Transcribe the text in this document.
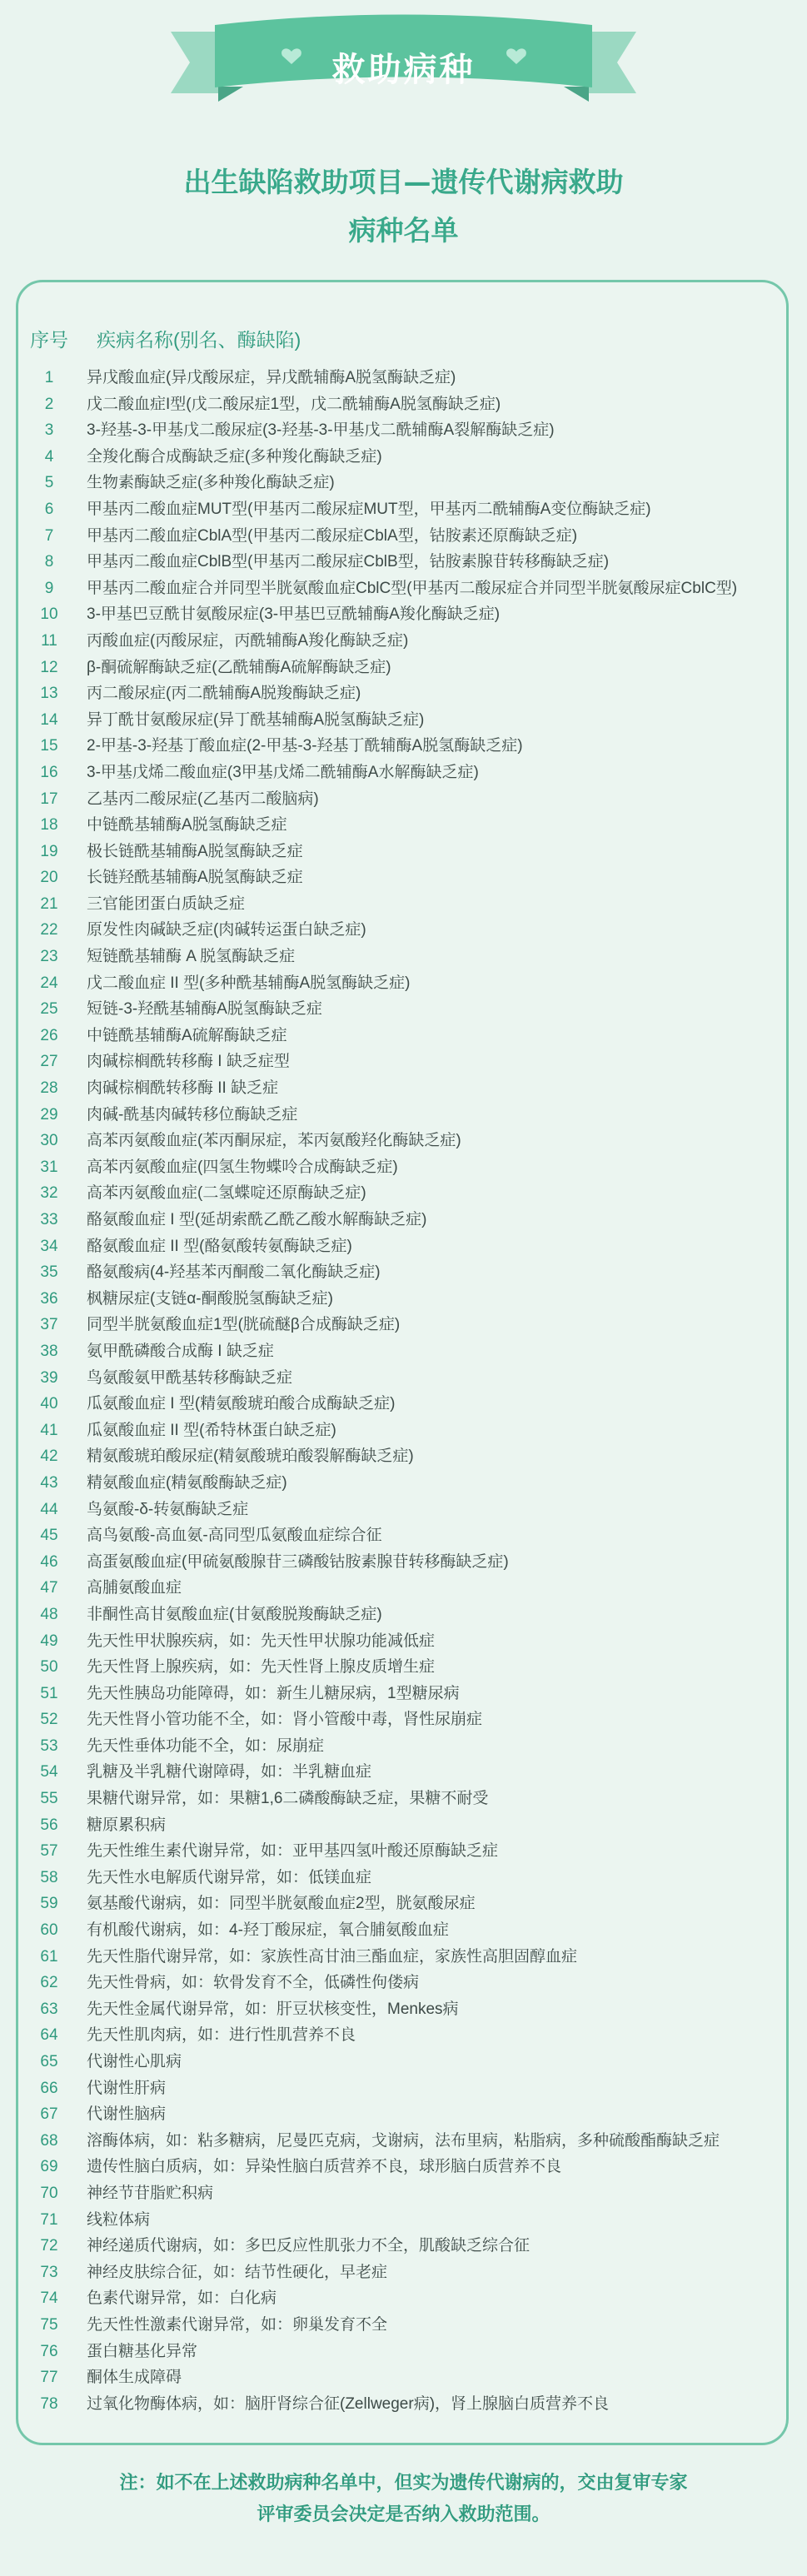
救助病种
出生缺陷救助项目—遗传代谢病救助
病种名单
序号 疾病名称(别名、酶缺陷)
1	异戊酸血症(异戊酸尿症，异戊酰辅酶A脱氢酶缺乏症)
2	戊二酸血症I型(戊二酸尿症1型，戊二酰辅酶A脱氢酶缺乏症)
3	3-羟基-3-甲基戊二酸尿症(3-羟基-3-甲基戊二酰辅酶A裂解酶缺乏症)
4	全羧化酶合成酶缺乏症(多种羧化酶缺乏症)
5	生物素酶缺乏症(多种羧化酶缺乏症)
6	甲基丙二酸血症MUT型(甲基丙二酸尿症MUT型，甲基丙二酰辅酶A变位酶缺乏症)
7	甲基丙二酸血症CblA型(甲基丙二酸尿症CblA型，钴胺素还原酶缺乏症)
8	甲基丙二酸血症CblB型(甲基丙二酸尿症CblB型，钴胺素腺苷转移酶缺乏症)
9	甲基丙二酸血症合并同型半胱氨酸血症CblC型(甲基丙二酸尿症合并同型半胱氨酸尿症CblC型)
10	3-甲基巴豆酰甘氨酸尿症(3-甲基巴豆酰辅酶A羧化酶缺乏症)
11	丙酸血症(丙酸尿症，丙酰辅酶A羧化酶缺乏症)
12	β-酮硫解酶缺乏症(乙酰辅酶A硫解酶缺乏症)
13	丙二酸尿症(丙二酰辅酶A脱羧酶缺乏症)
14	异丁酰甘氨酸尿症(异丁酰基辅酶A脱氢酶缺乏症)
15	2-甲基-3-羟基丁酸血症(2-甲基-3-羟基丁酰辅酶A脱氢酶缺乏症)
16	3-甲基戊烯二酸血症(3甲基戊烯二酰辅酶A水解酶缺乏症)
17	乙基丙二酸尿症(乙基丙二酸脑病)
18	中链酰基辅酶A脱氢酶缺乏症
19	极长链酰基辅酶A脱氢酶缺乏症
20	长链羟酰基辅酶A脱氢酶缺乏症
21	三官能团蛋白质缺乏症
22	原发性肉碱缺乏症(肉碱转运蛋白缺乏症)
23	短链酰基辅酶 A 脱氢酶缺乏症
24	戊二酸血症 II 型(多种酰基辅酶A脱氢酶缺乏症)
25	短链-3-羟酰基辅酶A脱氢酶缺乏症
26	中链酰基辅酶A硫解酶缺乏症
27	肉碱棕榈酰转移酶 I 缺乏症型
28	肉碱棕榈酰转移酶 II 缺乏症
29	肉碱-酰基肉碱转移位酶缺乏症
30	高苯丙氨酸血症(苯丙酮尿症，苯丙氨酸羟化酶缺乏症)
31	高苯丙氨酸血症(四氢生物蝶呤合成酶缺乏症)
32	高苯丙氨酸血症(二氢蝶啶还原酶缺乏症)
33	酪氨酸血症 I 型(延胡索酰乙酰乙酸水解酶缺乏症)
34	酪氨酸血症 II 型(酪氨酸转氨酶缺乏症)
35	酪氨酸病(4-羟基苯丙酮酸二氧化酶缺乏症)
36	枫糖尿症(支链α-酮酸脱氢酶缺乏症)
37	同型半胱氨酸血症1型(胱硫醚β合成酶缺乏症)
38	氨甲酰磷酸合成酶 I 缺乏症
39	鸟氨酸氨甲酰基转移酶缺乏症
40	瓜氨酸血症 I 型(精氨酸琥珀酸合成酶缺乏症)
41	瓜氨酸血症 II 型(希特林蛋白缺乏症)
42	精氨酸琥珀酸尿症(精氨酸琥珀酸裂解酶缺乏症)
43	精氨酸血症(精氨酸酶缺乏症)
44	鸟氨酸-δ-转氨酶缺乏症
45	高鸟氨酸-高血氨-高同型瓜氨酸血症综合征
46	高蛋氨酸血症(甲硫氨酸腺苷三磷酸钴胺素腺苷转移酶缺乏症)
47	高脯氨酸血症
48	非酮性高甘氨酸血症(甘氨酸脱羧酶缺乏症)
49	先天性甲状腺疾病，如：先天性甲状腺功能减低症
50	先天性肾上腺疾病，如：先天性肾上腺皮质增生症
51	先天性胰岛功能障碍，如：新生儿糖尿病，1型糖尿病
52	先天性肾小管功能不全，如：肾小管酸中毒，肾性尿崩症
53	先天性垂体功能不全，如：尿崩症
54	乳糖及半乳糖代谢障碍，如：半乳糖血症
55	果糖代谢异常，如：果糖1,6二磷酸酶缺乏症，果糖不耐受
56	糖原累积病
57	先天性维生素代谢异常，如：亚甲基四氢叶酸还原酶缺乏症
58	先天性水电解质代谢异常，如：低镁血症
59	氨基酸代谢病，如：同型半胱氨酸血症2型，胱氨酸尿症
60	有机酸代谢病，如：4-羟丁酸尿症，氧合脯氨酸血症
61	先天性脂代谢异常，如：家族性高甘油三酯血症，家族性高胆固醇血症
62	先天性骨病，如：软骨发育不全，低磷性佝偻病
63	先天性金属代谢异常，如：肝豆状核变性，Menkes病
64	先天性肌肉病，如：进行性肌营养不良
65	代谢性心肌病
66	代谢性肝病
67	代谢性脑病
68	溶酶体病，如：粘多糖病，尼曼匹克病，戈谢病，法布里病，粘脂病，多种硫酸酯酶缺乏症
69	遗传性脑白质病，如：异染性脑白质营养不良，球形脑白质营养不良
70	神经节苷脂贮积病
71	线粒体病
72	神经递质代谢病，如：多巴反应性肌张力不全，肌酸缺乏综合征
73	神经皮肤综合征，如：结节性硬化，早老症
74	色素代谢异常，如：白化病
75	先天性性激素代谢异常，如：卵巢发育不全
76	蛋白糖基化异常
77	酮体生成障碍
78	过氧化物酶体病，如：脑肝肾综合征(Zellweger病)，肾上腺脑白质营养不良
注：如不在上述救助病种名单中，但实为遗传代谢病的，交由复审专家
评审委员会决定是否纳入救助范围。
